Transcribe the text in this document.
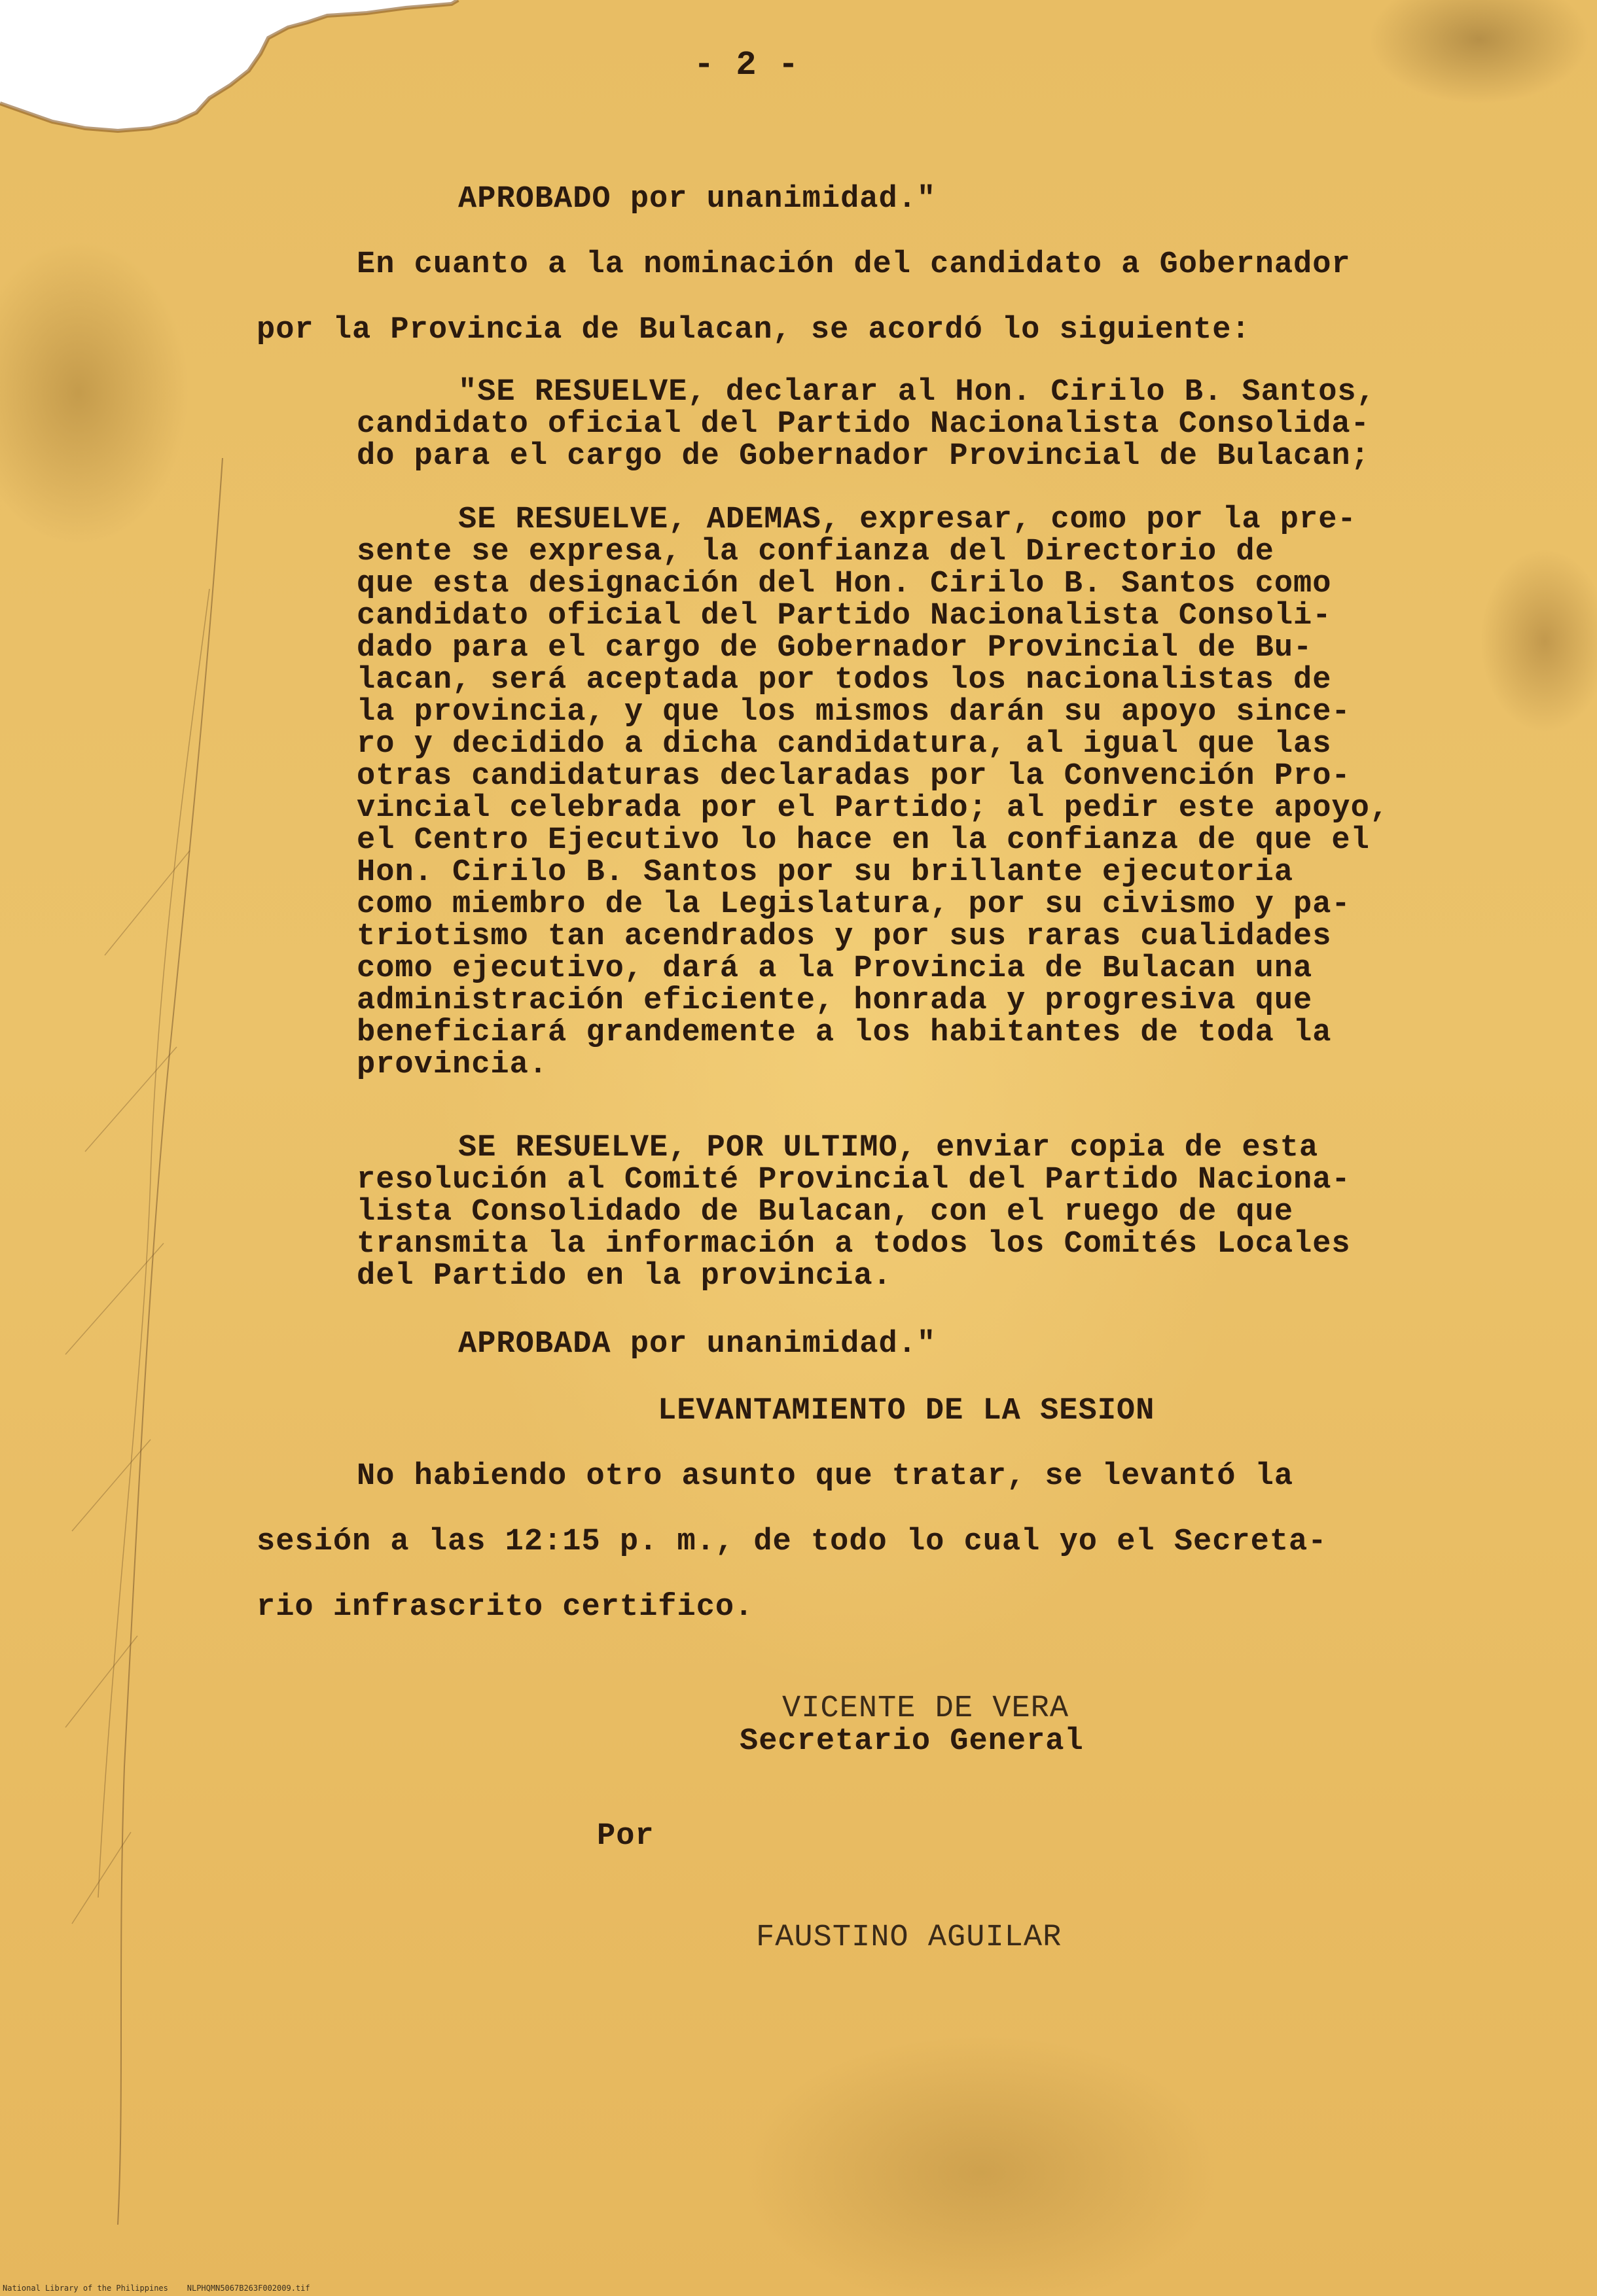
- 2 -
APROBADO por unanimidad."
En cuanto a la nominación del candidato a Gobernador
por la Provincia de Bulacan, se acordó lo siguiente:
"SE RESUELVE, declarar al Hon. Cirilo B. Santos,
candidato oficial del Partido Nacionalista Consolida-
do para el cargo de Gobernador Provincial de Bulacan;
SE RESUELVE, ADEMAS, expresar, como por la pre-
sente se expresa, la confianza del Directorio de
que esta designación del Hon. Cirilo B. Santos como
candidato oficial del Partido Nacionalista Consoli-
dado para el cargo de Gobernador Provincial de Bu-
lacan, será aceptada por todos los nacionalistas de
la provincia, y que los mismos darán su apoyo since-
ro y decidido a dicha candidatura, al igual que las
otras candidaturas declaradas por la Convención Pro-
vincial celebrada por el Partido; al pedir este apoyo,
el Centro Ejecutivo lo hace en la confianza de que el
Hon. Cirilo B. Santos por su brillante ejecutoria
como miembro de la Legislatura, por su civismo y pa-
triotismo tan acendrados y por sus raras cualidades
como ejecutivo, dará a la Provincia de Bulacan una
administración eficiente, honrada y progresiva que
beneficiará grandemente a los habitantes de toda la
provincia.
SE RESUELVE, POR ULTIMO, enviar copia de esta
resolución al Comité Provincial del Partido Naciona-
lista Consolidado de Bulacan, con el ruego de que
transmita la información a todos los Comités Locales
del Partido en la provincia.
APROBADA por unanimidad."
LEVANTAMIENTO DE LA SESION
No habiendo otro asunto que tratar, se levantó la
sesión a las 12:15 p. m., de todo lo cual yo el Secreta-
rio infrascrito certifico.
VICENTE DE VERA
Secretario General
Por
FAUSTINO AGUILAR
National Library of the Philippines    NLPHQMN5067B263F002009.tif
